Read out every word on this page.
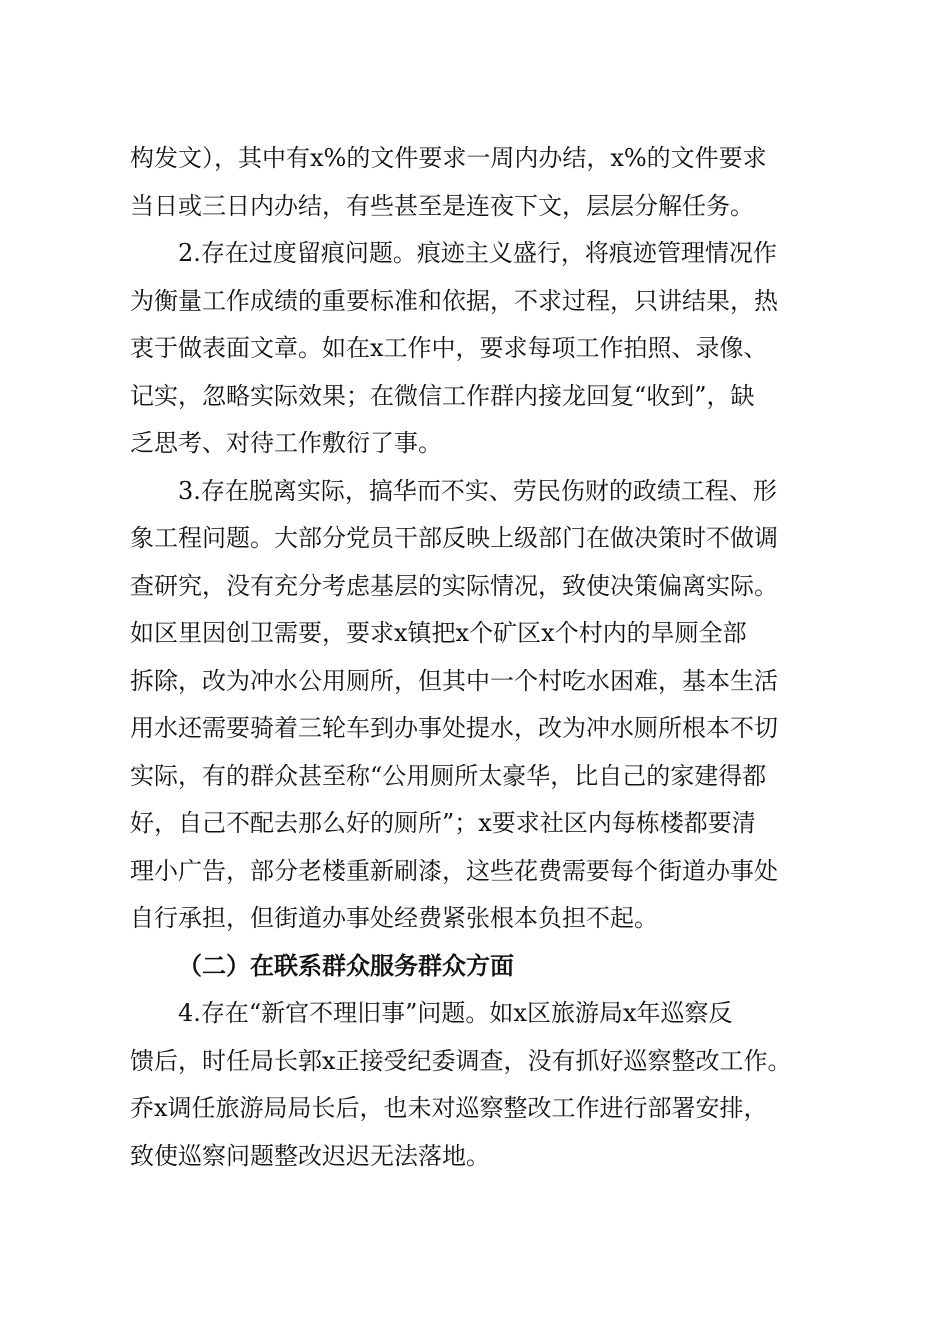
构发文），其中有x%的文件要求一周内办结，x%的文件要求
当日或三日内办结，有些甚至是连夜下文，层层分解任务。
2.存在过度留痕问题。痕迹主义盛行，将痕迹管理情况作
为衡量工作成绩的重要标准和依据，不求过程，只讲结果，热
衷于做表面文章。如在x工作中，要求每项工作拍照、录像、
记实，忽略实际效果；在微信工作群内接龙回复“收到”，缺
乏思考、对待工作敷衍了事。
3.存在脱离实际，搞华而不实、劳民伤财的政绩工程、形
象工程问题。大部分党员干部反映上级部门在做决策时不做调
查研究，没有充分考虑基层的实际情况，致使决策偏离实际。
如区里因创卫需要，要求x镇把x个矿区x个村内的旱厕全部
拆除，改为冲水公用厕所，但其中一个村吃水困难，基本生活
用水还需要骑着三轮车到办事处提水，改为冲水厕所根本不切
实际，有的群众甚至称“公用厕所太豪华，比自己的家建得都
好，自己不配去那么好的厕所”；x要求社区内每栋楼都要清
理小广告，部分老楼重新刷漆，这些花费需要每个街道办事处
自行承担，但街道办事处经费紧张根本负担不起。
（二）在联系群众服务群众方面
4.存在“新官不理旧事”问题。如x区旅游局x年巡察反
馈后，时任局长郭x正接受纪委调查，没有抓好巡察整改工作。
乔x调任旅游局局长后，也未对巡察整改工作进行部署安排，
致使巡察问题整改迟迟无法落地。
